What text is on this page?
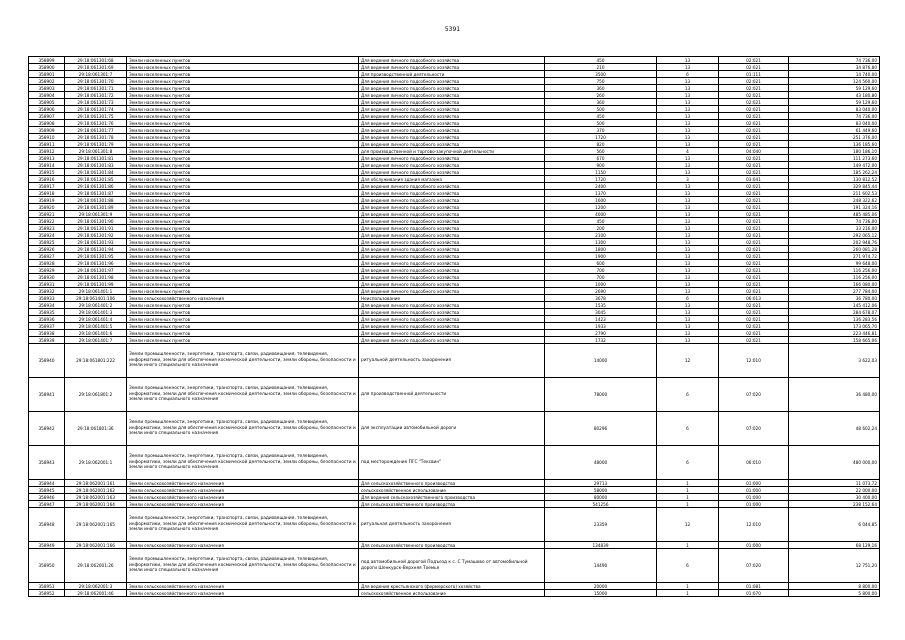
5391
358899	29:18:061301:68	Земли населенных пунктов	Для ведения личного подсобного хозяйства	450	13	02:021	74 736,00
358900	29:18:061301:69	Земли населенных пунктов	Для ведения личного подсобного хозяйства	210	13	02:021	34 876,80
358901	29:18:061301:7	Земли населенных пунктов	Для производственной деятельности	3500	6	01:111	14 740,00
358902	29:18:061301:70	Земли населенных пунктов	Для ведения личного подсобного хозяйства	750	13	02:021	124 560,00
358903	29:18:061301:71	Земли населенных пунктов	Для ведения личного подсобного хозяйства	360	13	02:021	59 129,60
358904	29:18:061301:72	Земли населенных пунктов	Для ведения личного подсобного хозяйства	260	13	02:021	43 180,80
358905	29:18:061301:73	Земли населенных пунктов	Для ведения личного подсобного хозяйства	360	13	02:021	59 129,60
358906	29:18:061301:74	Земли населенных пунктов	Для ведения личного подсобного хозяйства	500	13	02:021	83 040,00
358907	29:18:061301:75	Земли населенных пунктов	Для ведения личного подсобного хозяйства	450	13	02:021	74 736,00
358908	29:18:061301:76	Земли населенных пунктов	Для ведения личного подсобного хозяйства	500	13	02:021	83 040,00
358909	29:18:061301:77	Земли населенных пунктов	Для ведения личного подсобного хозяйства	370	13	02:021	61 449,60
358910	29:18:061301:78	Земли населенных пунктов	Для ведения личного подсобного хозяйства	1720	13	02:021	251 376,00
358911	29:18:061301:79	Земли населенных пунктов	Для ведения личного подсобного хозяйства	820	13	02:021	136 185,60
358912	29:18:061301:8	Земли населенных пунктов	для производственной и торгово-закупочной деятельности	560	4	04:040	180 186,10
358913	29:18:061301:81	Земли населенных пунктов	Для ведения личного подсобного хозяйства	670	13	02:021	111 273,60
358914	29:18:061301:83	Земли населенных пунктов	Для ведения личного подсобного хозяйства	900	13	02:021	149 472,00
358915	29:18:061301:84	Земли населенных пунктов	Для ведения личного подсобного хозяйства	1150	13	02:021	185 262,24
358916	29:18:061301:85	Земли населенных пунктов	Для обслуживания здания магазина	1720	3	03:041	130 812,52
358917	29:18:061301:86	Земли населенных пунктов	Для ведения личного подсобного хозяйства	2400	13	02:021	329 845,44
358918	29:18:061301:87	Земли населенных пунктов	Для ведения личного подсобного хозяйства	1370	13	02:021	211 602,53
358919	29:18:061301:88	Земли населенных пунктов	Для ведения личного подсобного хозяйства	1600	13	02:021	248 322,62
358920	29:18:061301:89	Земли населенных пунктов	Для ведения личного подсобного хозяйства	1200	13	02:021	191 324,16
358921	29:18:061301:9	Земли населенных пунктов	Для ведения личного подсобного хозяйства	4000	13	02:021	485 485,06
358922	29:18:061301:90	Земли населенных пунктов	Для ведения личного подсобного хозяйства	450	13	02:021	74 736,00
358923	29:18:061301:91	Земли населенных пунктов	Для ведения личного подсобного хозяйства	200	13	02:021	33 216,00
358924	29:18:061301:92	Земли населенных пунктов	Для ведения личного подсобного хозяйства	2100	13	02:021	292 065,12
358925	29:18:061301:93	Земли населенных пунктов	Для ведения личного подсобного хозяйства	1300	13	02:021	202 948,76
358926	29:18:061301:94	Земли населенных пунктов	Для ведения личного подсобного хозяйства	1800	13	02:021	260 081,28
358927	29:18:061301:95	Земли населенных пунктов	Для ведения личного подсобного хозяйства	1900	13	02:021	271 974,72
358928	29:18:061301:96	Земли населенных пунктов	Для ведения личного подсобного хозяйства	600	13	02:021	99 648,00
358929	29:18:061301:97	Земли населенных пунктов	Для ведения личного подсобного хозяйства	700	13	02:021	116 256,00
358930	29:18:061301:98	Земли населенных пунктов	Для ведения личного подсобного хозяйства	700	13	02:021	116 256,00
358931	29:18:061301:99	Земли населенных пунктов	Для ведения личного подсобного хозяйства	1000	13	02:021	166 080,00
358932	29:18:061401:1	Земли населенных пунктов	Для ведения личного подсобного хозяйства	2690	13	02:021	277 784,00
358933	29:18:061401:106	Земли сельскохозяйственного назначения	Неиспользование	3678	6	06:013	36 780,00
358934	29:18:061401:2	Земли населенных пунктов	Для ведения личного подсобного хозяйства	1535	13	02:021	145 412,06
358935	29:18:061401:3	Земли населенных пунктов	Для ведения личного подсобного хозяйства	3045	13	02:021	284 678,07
358936	29:18:061401:4	Земли населенных пунктов	Для ведения личного подсобного хозяйства	1423	13	02:021	136 283,56
358937	29:18:061401:5	Земли населенных пунктов	Для ведения личного подсобного хозяйства	1933	13	02:021	173 065,70
358938	29:18:061401:6	Земли населенных пунктов	Для ведения личного подсобного хозяйства	2790	13	02:021	223 446,81
358939	29:18:061401:7	Земли населенных пунктов	Для ведения личного подсобного хозяйства	1732	13	02:021	158 665,06
358940	29:18:061801:222	Земли промышленности, энергетики, транспорта, связи, радиовещания, телевидения, информатики, земли для обеспечения космической деятельности, земли обороны, безопасности и земли иного специального назначения	ритуальной деятельность захоронения	14000	12	12:010	3 622,03
358941	29:18:061801:2	Земли промышленности, энергетики, транспорта, связи, радиовещания, телевидения, информатики, земли для обеспечения космической деятельности, земли обороны, безопасности и земли иного специального назначения	для производственной деятельности	78000	6	07:020	36 480,00
358942	29:18:061801:36	Земли промышленности, энергетики, транспорта, связи, радиовещания, телевидения, информатики, земли для обеспечения космической деятельности, земли обороны, безопасности и земли иного специального назначения	для эксплуатации автомобильной дороги	80296	6	07:020	48 602,24
358943	29:18:062001:1	Земли промышленности, энергетики, транспорта, связи, радиовещания, телевидения, информатики, земли для обеспечения космической деятельности, земли обороны, безопасности и земли иного специального назначения	под месторождение ПГС "Тексвин"	48000	6	06:010	480 000,00
358944	29:18:062001:161	Земли сельскохозяйственного назначения	Для сельскохозяйственного производства	29713	1	01:000	11 073,72
358945	29:18:062001:162	Земли сельскохозяйственного назначения	сельскохозяйственное использование	58000	1	01:000	22 000,00
358946	29:18:062001:163	Земли сельскохозяйственного назначения	Для ведения сельскохозяйственного производства	80000	1	01:000	30 400,00
358947	29:18:062001:164	Земли сельскохозяйственного назначения	Для сельскохозяйственного производства	541256	1	01:000	238 152,64
358948	29:18:062001:165	Земли промышленности, энергетики, транспорта, связи, радиовещания, телевидения, информатики, земли для обеспечения космической деятельности, земли обороны, безопасности и земли иного специального назначения	ритуальная деятельность захоронения	23359	12	12:010	6 044,85
358949	29:18:062001:166	Земли сельскохозяйственного назначения	Для сельскохозяйственного производства	134839	1	01:000	68 129,16
358950	29:18:062001:26	Земли промышленности, энергетики, транспорта, связи, радиовещания, телевидения, информатики, земли для обеспечения космической деятельности, земли обороны, безопасности и земли иного специального назначения	под автомобильной дорогой Подъезд к с. С Тумашово от автомобильной дороги Шенкурск-Верхняя Тоемья	14490	6	07:020	12 751,20
358951	29:18:062001:3	Земли сельскохозяйственного назначения	Для ведения крестьянского (фермерского) хозяйства	20000	1	01:081	8 800,00
358952	29:18:062001:46	Земли сельскохозяйственного назначения	сельскохозяйственное использование	15000	1	01:070	5 800,00
